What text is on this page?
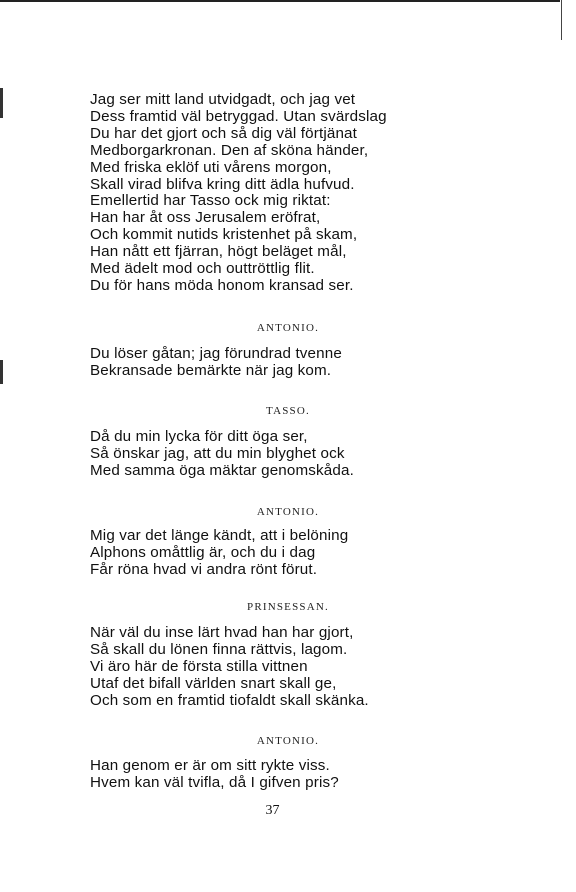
Jag ser mitt land utvidgadt, och jag vet
Dess framtid väl betryggad. Utan svärdslag
Du har det gjort och så dig väl förtjänat
Medborgarkronan. Den af sköna händer,
Med friska eklöf uti vårens morgon,
Skall virad blifva kring ditt ädla hufvud.
Emellertid har Tasso ock mig riktat:
Han har åt oss Jerusalem eröfrat,
Och kommit nutids kristenhet på skam,
Han nått ett fjärran, högt beläget mål,
Med ädelt mod och outtröttlig flit.
Du för hans möda honom kransad ser.
ANTONIO.
Du löser gåtan; jag förundrad tvenne
Bekransade bemärkte när jag kom.
TASSO.
Då du min lycka för ditt öga ser,
Så önskar jag, att du min blyghet ock
Med samma öga mäktar genomskåda.
ANTONIO.
Mig var det länge kändt, att i belöning
Alphons omåttlig är, och du i dag
Får röna hvad vi andra rönt förut.
PRINSESSAN.
När väl du inse lärt hvad han har gjort,
Så skall du lönen finna rättvis, lagom.
Vi äro här de första stilla vittnen
Utaf det bifall världen snart skall ge,
Och som en framtid tiofaldt skall skänka.
ANTONIO.
Han genom er är om sitt rykte viss.
Hvem kan väl tvifla, då I gifven pris?
37
